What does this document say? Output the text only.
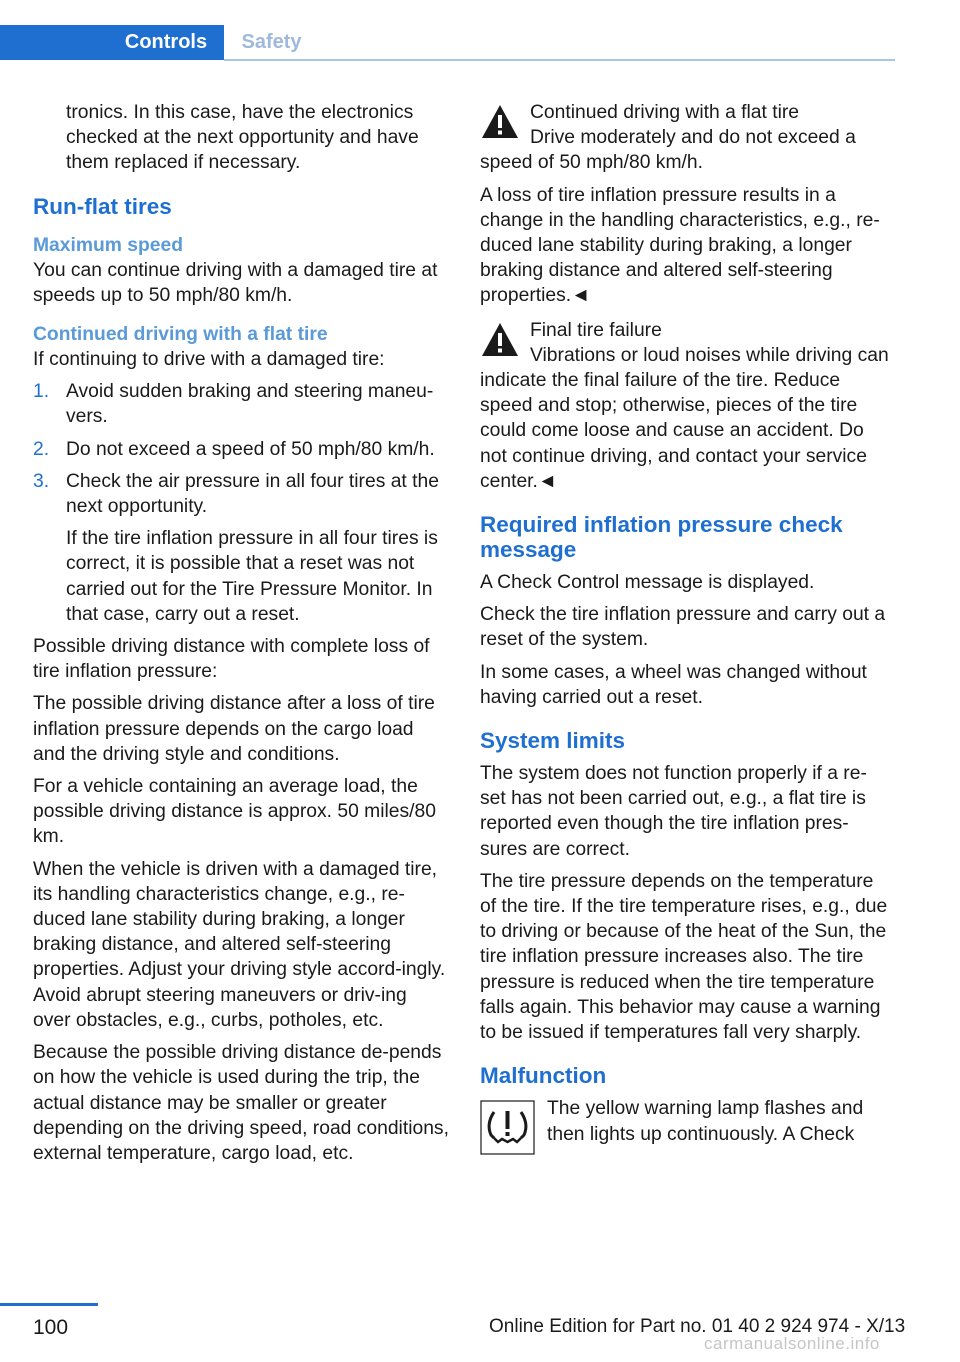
Controls	Safety

tronics. In this case, have the electronics checked at the next opportunity and have them replaced if necessary.

Run-flat tires
Maximum speed

You can continue driving with a damaged tire at speeds up to 50 mph/80 km/h.

Continued driving with a flat tire

If continuing to drive with a damaged tire:

1. Avoid sudden braking and steering maneu‐vers.

2. Do not exceed a speed of 50 mph/80 km/h.

3. Check the air pressure in all four tires at the next opportunity.

If the tire inflation pressure in all four tires is correct, it is possible that a reset was not carried out for the Tire Pressure Monitor. In that case, carry out a reset.

Possible driving distance with complete loss of tire inflation pressure:

The possible driving distance after a loss of tire inflation pressure depends on the cargo load and the driving style and conditions.

For a vehicle containing an average load, the possible driving distance is approx. 50 miles/80 km.

When the vehicle is driven with a damaged tire, its handling characteristics change, e.g., re‐duced lane stability during braking, a longer braking distance, and altered self-steering properties. Adjust your driving style accord‐ingly. Avoid abrupt steering maneuvers or driv‐ing over obstacles, e.g., curbs, potholes, etc.

Because the possible driving distance de‐pends on how the vehicle is used during the trip, the actual distance may be smaller or greater depending on the driving speed, road conditions, external temperature, cargo load, etc.

Continued driving with a flat tire

Drive moderately and do not exceed a speed of 50 mph/80 km/h.

A loss of tire inflation pressure results in a change in the handling characteristics, e.g., re‐duced lane stability during braking, a longer braking distance and altered self-steering properties.◄

Final tire failure

Vibrations or loud noises while driving can indicate the final failure of the tire. Reduce speed and stop; otherwise, pieces of the tire could come loose and cause an accident. Do not continue driving, and contact your service center.◄

Required inflation pressure check message

A Check Control message is displayed.

Check the tire inflation pressure and carry out a reset of the system.

In some cases, a wheel was changed without having carried out a reset.

System limits

The system does not function properly if a re‐set has not been carried out, e.g., a flat tire is reported even though the tire inflation pres‐sures are correct.

The tire pressure depends on the temperature of the tire. If the tire temperature rises, e.g., due to driving or because of the heat of the Sun, the tire inflation pressure increases also. The tire pressure is reduced when the tire temperature falls again. This behavior may cause a warning to be issued if temperatures fall very sharply.

Malfunction

The yellow warning lamp flashes and then lights up continuously. A Check

100	Online Edition for Part no. 01 40 2 924 974 - X/13
carmanualsonline.info
